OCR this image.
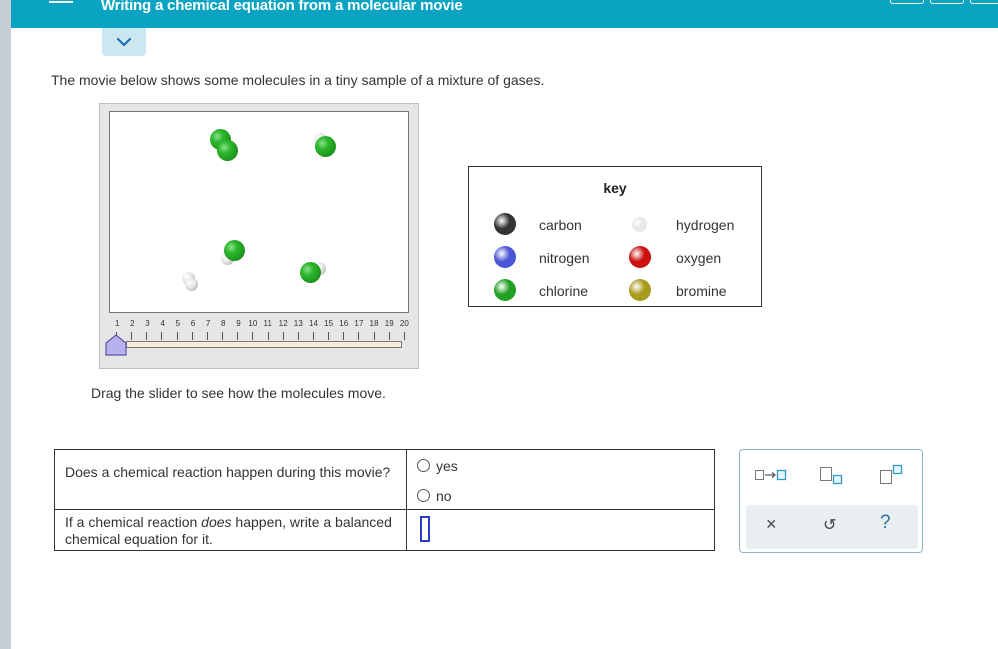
Writing a chemical equation from a molecular movie
The movie below shows some molecules in a tiny sample of a mixture of gases.
1 2 3 4 5 6 7 8 9 10 11 12 13 14 15 16 17 18 19 20
Drag the slider to see how the molecules move.
key
carbon	hydrogen
nitrogen	oxygen
chlorine	bromine
Does a chemical reaction happen during this movie?	yes
no
If a chemical reaction does happen, write a balanced chemical equation for it.
×	↺ ?
